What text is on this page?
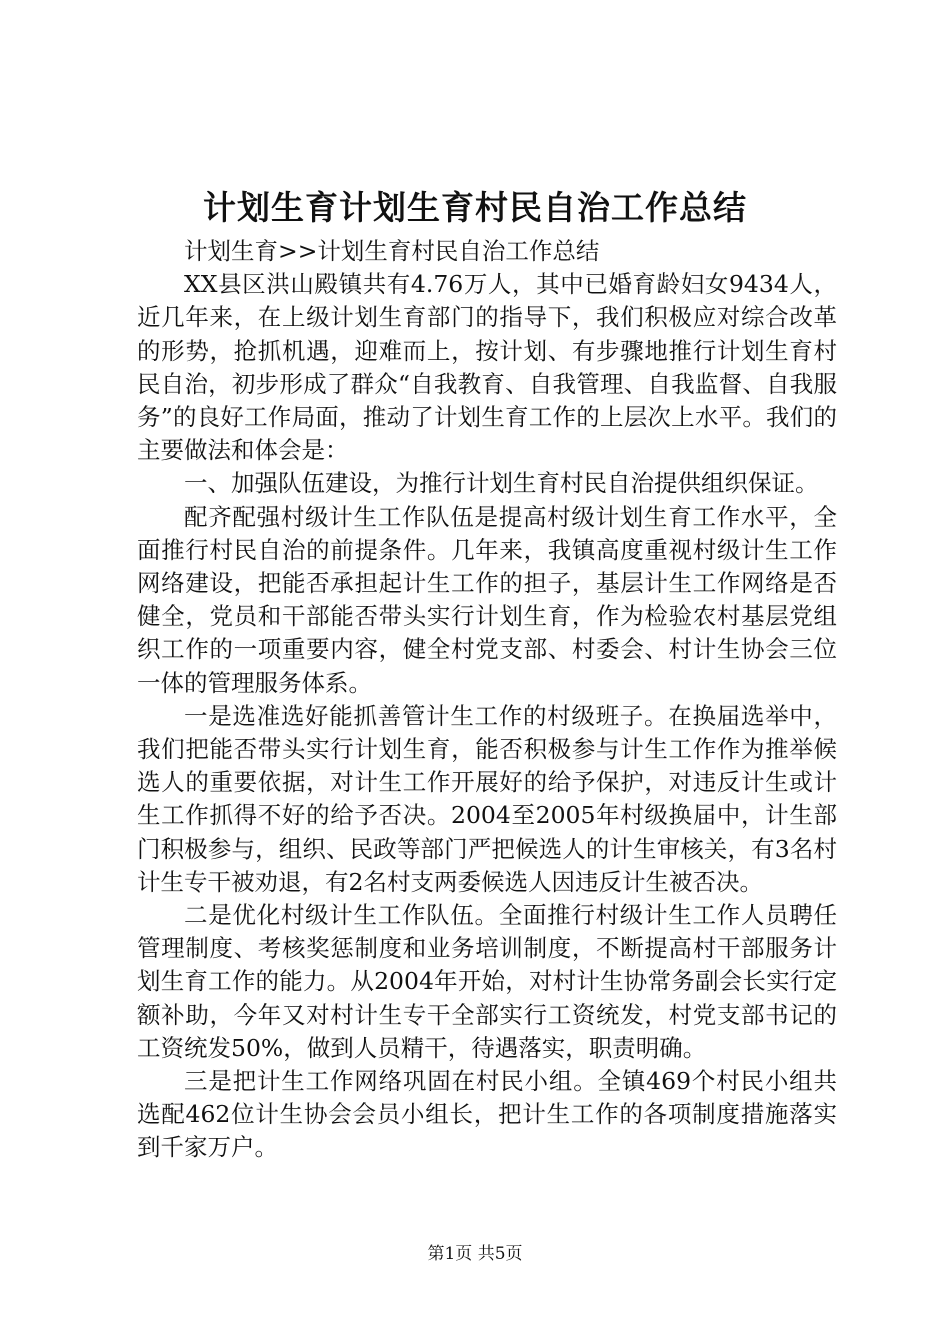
计划生育计划生育村民自治工作总结

计划生育>>计划生育村民自治工作总结

XX县区洪山殿镇共有4.76万人，其中已婚育龄妇女9434人，近几年来，在上级计划生育部门的指导下，我们积极应对综合改革的形势，抢抓机遇，迎难而上，按计划、有步骤地推行计划生育村民自治，初步形成了群众“自我教育、自我管理、自我监督、自我服务”的良好工作局面，推动了计划生育工作的上层次上水平。我们的主要做法和体会是：

一、加强队伍建设，为推行计划生育村民自治提供组织保证。

配齐配强村级计生工作队伍是提高村级计划生育工作水平，全面推行村民自治的前提条件。几年来，我镇高度重视村级计生工作网络建设，把能否承担起计生工作的担子，基层计生工作网络是否健全，党员和干部能否带头实行计划生育，作为检验农村基层党组织工作的一项重要内容，健全村党支部、村委会、村计生协会三位一体的管理服务体系。

一是选准选好能抓善管计生工作的村级班子。在换届选举中，我们把能否带头实行计划生育，能否积极参与计生工作作为推举候选人的重要依据，对计生工作开展好的给予保护，对违反计生或计生工作抓得不好的给予否决。2004至2005年村级换届中，计生部门积极参与，组织、民政等部门严把候选人的计生审核关，有3名村计生专干被劝退，有2名村支两委候选人因违反计生被否决。

二是优化村级计生工作队伍。全面推行村级计生工作人员聘任管理制度、考核奖惩制度和业务培训制度，不断提高村干部服务计划生育工作的能力。从2004年开始，对村计生协常务副会长实行定额补助，今年又对村计生专干全部实行工资统发，村党支部书记的工资统发50%，做到人员精干，待遇落实，职责明确。

三是把计生工作网络巩固在村民小组。全镇469个村民小组共选配462位计生协会会员小组长，把计生工作的各项制度措施落实到千家万户。

第1页 共5页
